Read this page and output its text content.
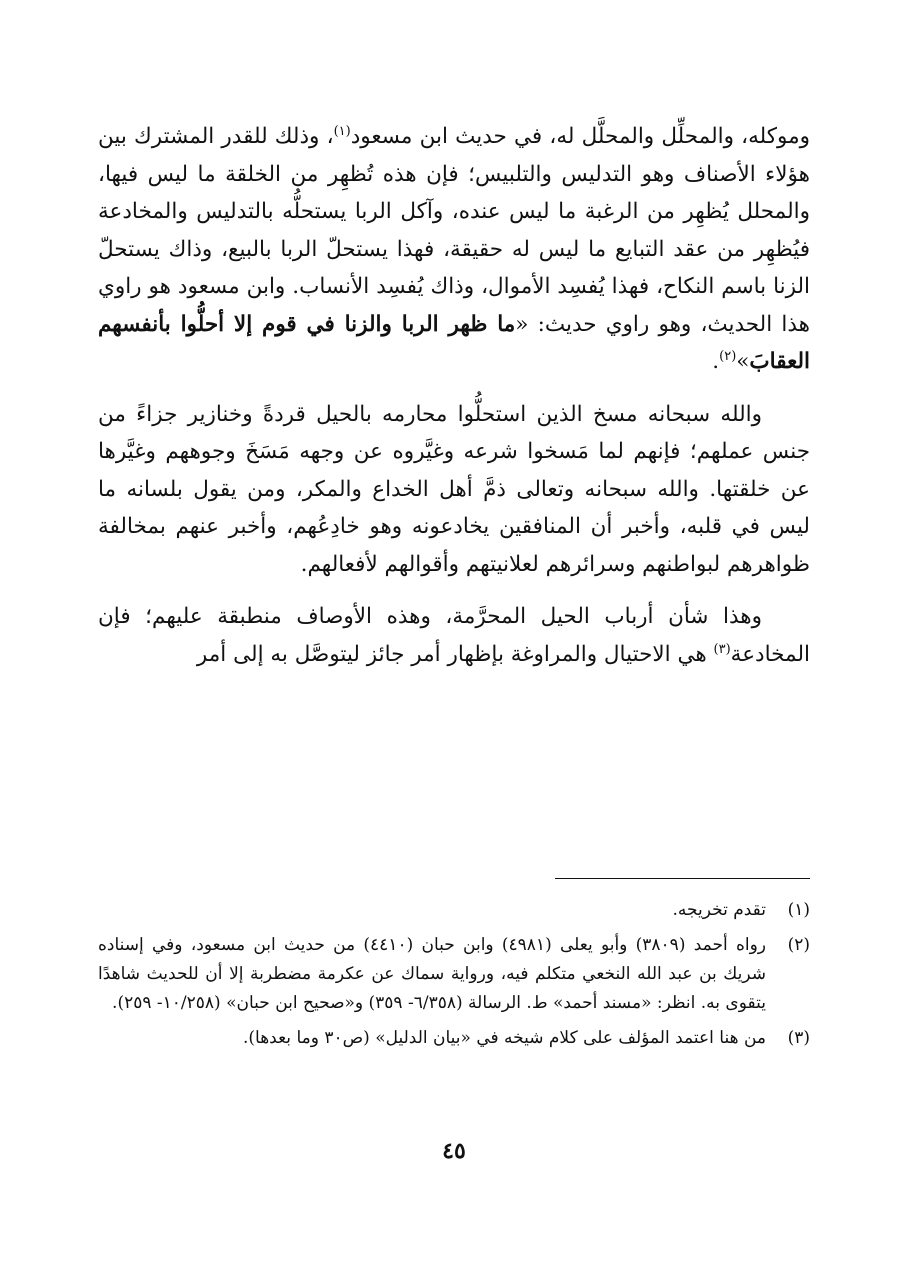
وموكله، والمحلِّل والمحلَّل له، في حديث ابن مسعود$^{(١)}$، وذلك للقدر المشترك بين هؤلاء الأصناف وهو التدليس والتلبيس؛ فإن هذه تُظهِر من الخلقة ما ليس فيها، والمحلل يُظهِر من الرغبة ما ليس عنده، وآكل الربا يستحلُّه بالتدليس والمخادعة فيُظهِر من عقد التبايع ما ليس له حقيقة، فهذا يستحلّ الربا بالبيع، وذاك يستحلّ الزنا باسم النكاح، فهذا يُفسِد الأموال، وذاك يُفسِد الأنساب. وابن مسعود هو راوي هذا الحديث، وهو راوي حديث: «ما ظهر الربا والزنا في قوم إلا أحلُّوا بأنفسهم العقابَ»$^{(٢)}$.

والله سبحانه مسخ الذين استحلُّوا محارمه بالحيل قردةً وخنازير جزاءً من جنس عملهم؛ فإنهم لما مَسخوا شرعه وغيَّروه عن وجهه مَسَخَ وجوههم وغيَّرها عن خلقتها. والله سبحانه وتعالى ذمَّ أهل الخداع والمكر، ومن يقول بلسانه ما ليس في قلبه، وأخبر أن المنافقين يخادعونه وهو خادِعُهم، وأخبر عنهم بمخالفة ظواهرهم لبواطنهم وسرائرهم لعلانيتهم وأقوالهم لأفعالهم.

وهذا شأن أرباب الحيل المحرَّمة، وهذه الأوصاف منطبقة عليهم؛ فإن المخادعة$^{(٣)}$ هي الاحتيال والمراوغة بإظهار أمر جائز ليتوصَّل به إلى أمر

(١)
تقدم تخريجه.
(٢)
رواه أحمد (٣٨٠٩) وأبو يعلى (٤٩٨١) وابن حبان (٤٤١٠) من حديث ابن مسعود، وفي إسناده شريك بن عبد الله النخعي متكلم فيه، ورواية سماك عن عكرمة مضطربة إلا أن للحديث شاهدًا يتقوى به. انظر: «مسند أحمد» ط. الرسالة (٦/٣٥٨- ٣٥٩) و«صحيح ابن حبان» (١٠/٢٥٨- ٢٥٩).
(٣)
من هنا اعتمد المؤلف على كلام شيخه في «بيان الدليل» (ص٣٠ وما بعدها).
٤٥
